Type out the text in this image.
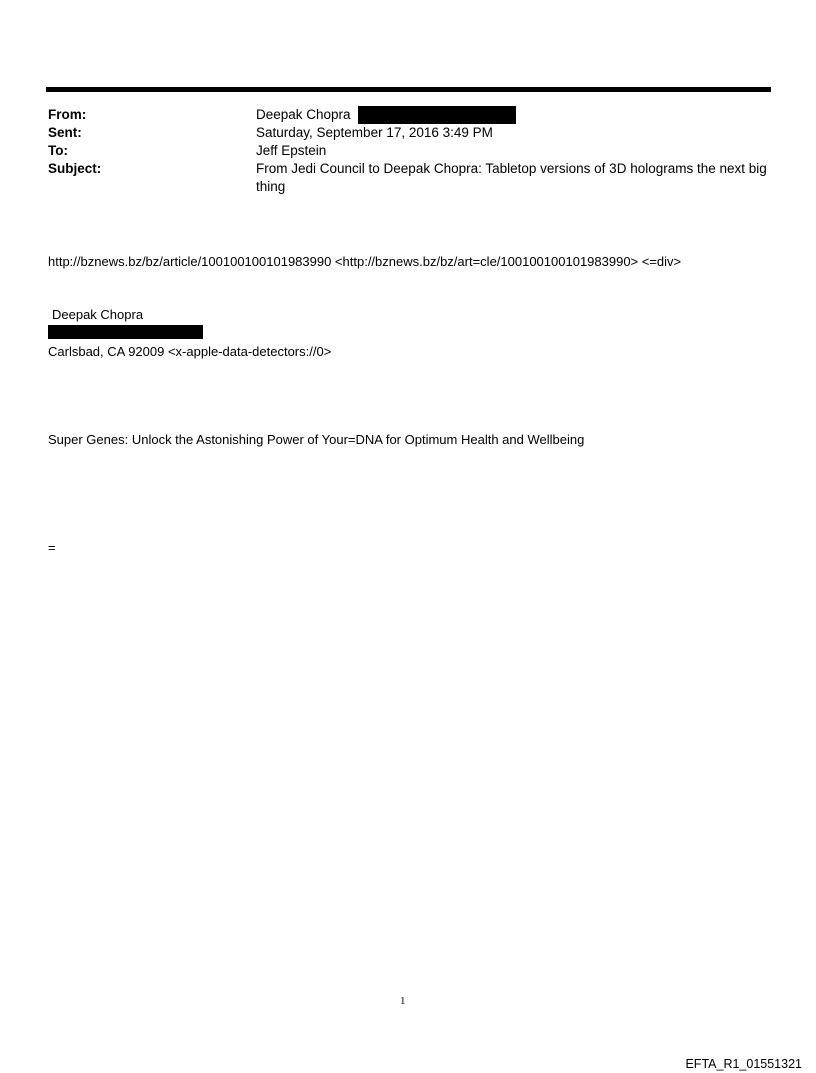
From:	Deepak Chopra
Sent:	Saturday, September 17, 2016 3:49 PM
To:	Jeff Epstein
Subject:	From Jedi Council to Deepak Chopra: Tabletop versions of 3D holograms the next big thing
http://bznews.bz/bz/article/100100100101983990 <http://bznews.bz/bz/art=cle/100100100101983990> <=div>
Deepak Chopra
Carlsbad, CA 92009 <x-apple-data-detectors://0>
Super Genes: Unlock the Astonishing Power of Your=DNA for Optimum Health and Wellbeing
=
1
EFTA_R1_01551321
